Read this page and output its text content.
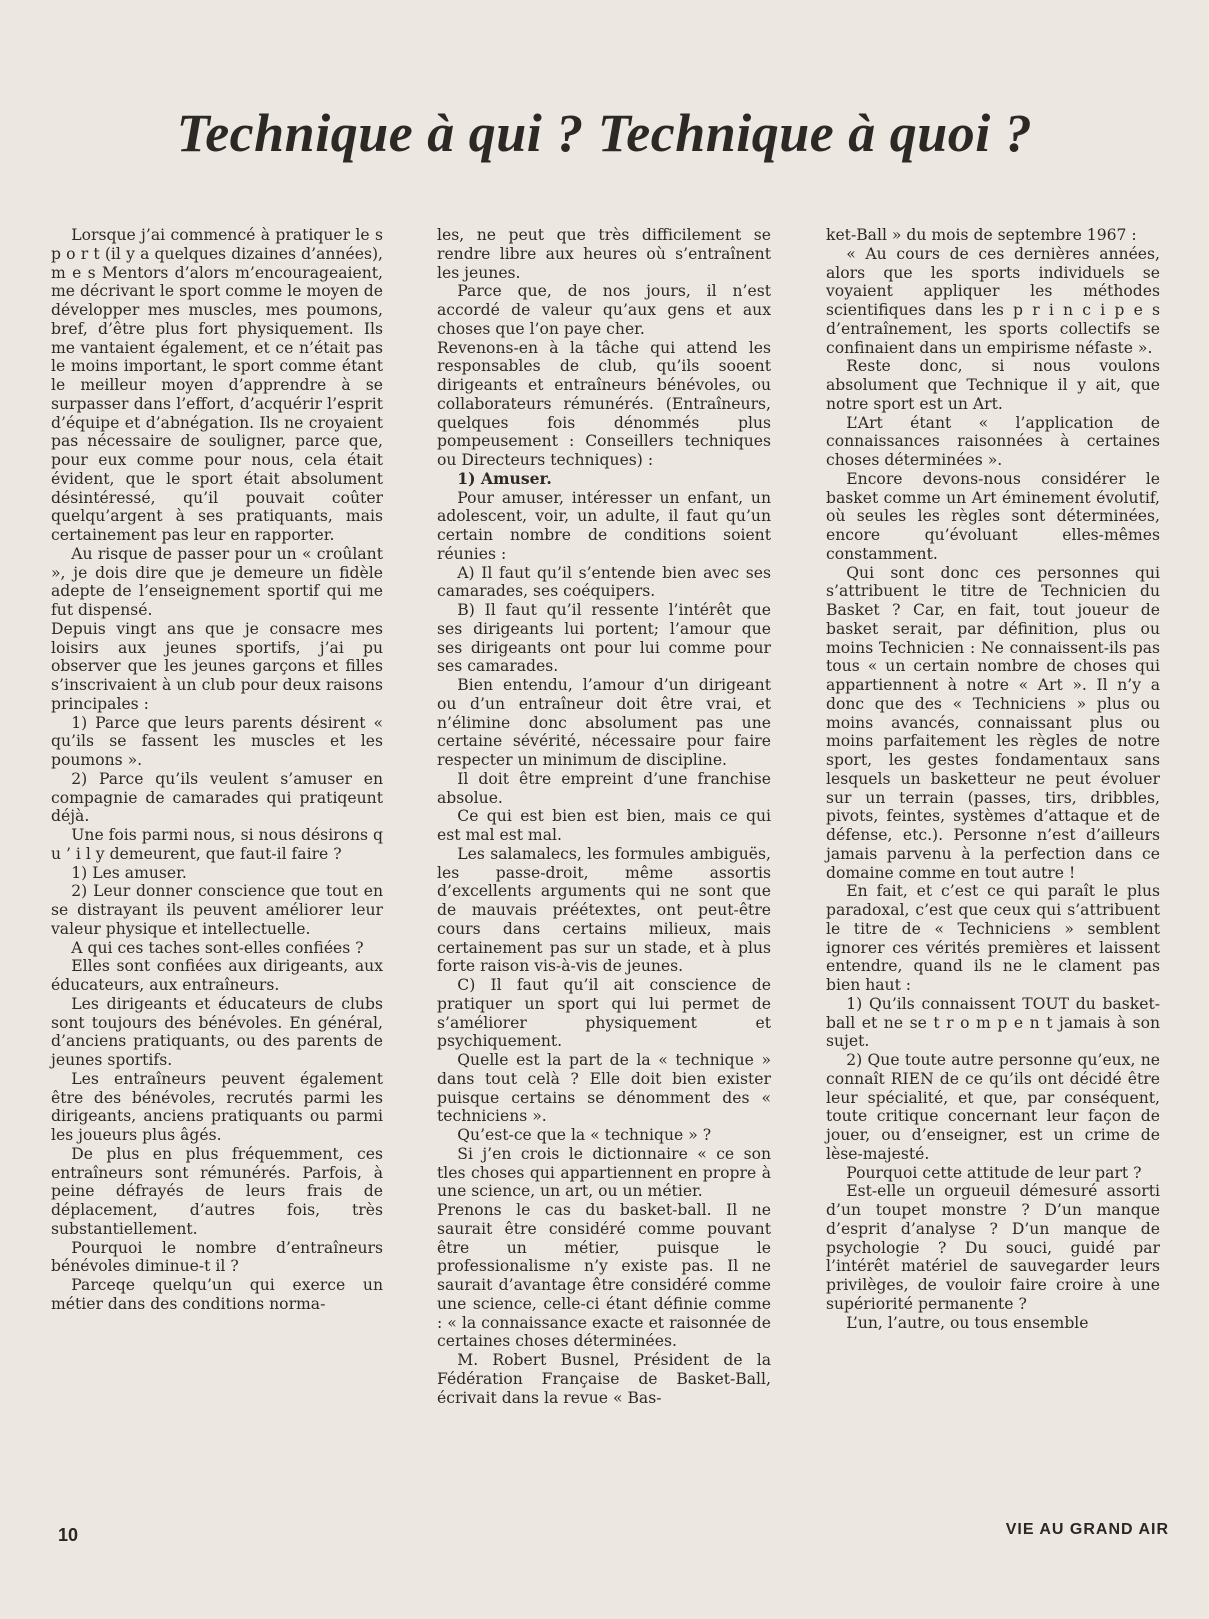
Technique à qui ? Technique à quoi ?

Lorsque j’ai commencé à pratiquer le s p o r t (il y a quelques dizaines d’années), m e s Mentors d’alors m’encourageaient, me décrivant le sport comme le moyen de développer mes muscles, mes poumons, bref, d’être plus fort physiquement. Ils me vantaient également, et ce n’était pas le moins important, le sport comme étant le meilleur moyen d’apprendre à se surpasser dans l’effort, d’acquérir l’esprit d’équipe et d’abnégation. Ils ne croyaient pas nécessaire de souligner, parce que, pour eux comme pour nous, cela était évident, que le sport était absolument désintéressé, qu’il pouvait coûter quelqu’argent à ses pratiquants, mais certainement pas leur en rapporter.

Au risque de passer pour un « croûlant », je dois dire que je demeure un fidèle adepte de l’enseignement sportif qui me fut dispensé.

Depuis vingt ans que je consacre mes loisirs aux jeunes sportifs, j’ai pu observer que les jeunes garçons et filles s’inscrivaient à un club pour deux raisons principales :

1) Parce que leurs parents désirent « qu’ils se fassent les muscles et les poumons ».

2) Parce qu’ils veulent s’amuser en compagnie de camarades qui pratiqeunt déjà.

Une fois parmi nous, si nous désirons q u ’ i l y demeurent, que faut-il faire ?

1) Les amuser.

2) Leur donner conscience que tout en se distrayant ils peuvent améliorer leur valeur physique et intellectuelle.

A qui ces taches sont-elles confiées ?

Elles sont confiées aux dirigeants, aux éducateurs, aux entraîneurs.

Les dirigeants et éducateurs de clubs sont toujours des bénévoles. En général, d’anciens pratiquants, ou des parents de jeunes sportifs.

Les entraîneurs peuvent également être des bénévoles, recrutés parmi les dirigeants, anciens pratiquants ou parmi les joueurs plus âgés.

De plus en plus fréquemment, ces entraîneurs sont rémunérés. Parfois, à peine défrayés de leurs frais de déplacement, d’autres fois, très substantiellement.

Pourquoi le nombre d’entraîneurs bénévoles diminue-t il ?

Parceqe quelqu’un qui exerce un métier dans des conditions norma-

les, ne peut que très difficilement se rendre libre aux heures où s’entraînent les jeunes.

Parce que, de nos jours, il n’est accordé de valeur qu’aux gens et aux choses que l’on paye cher.

Revenons-en à la tâche qui attend les responsables de club, qu’ils sooent dirigeants et entraîneurs bénévoles, ou collaborateurs rémunérés. (Entraîneurs, quelques fois dénommés plus pompeusement : Conseillers techniques ou Directeurs techniques) :

1) Amuser.

Pour amuser, intéresser un enfant, un adolescent, voir, un adulte, il faut qu’un certain nombre de conditions soient réunies :

A) Il faut qu’il s’entende bien avec ses camarades, ses coéquipers.

B) Il faut qu’il ressente l’intérêt que ses dirigeants lui portent; l’amour que ses dirigeants ont pour lui comme pour ses camarades.

Bien entendu, l’amour d’un dirigeant ou d’un entraîneur doit être vrai, et n’élimine donc absolument pas une certaine sévérité, nécessaire pour faire respecter un minimum de discipline.

Il doit être empreint d’une franchise absolue.

Ce qui est bien est bien, mais ce qui est mal est mal.

Les salamalecs, les formules ambiguës, les passe-droit, même assortis d’excellents arguments qui ne sont que de mauvais préétextes, ont peut-être cours dans certains milieux, mais certainement pas sur un stade, et à plus forte raison vis-à-vis de jeunes.

C) Il faut qu’il ait conscience de pratiquer un sport qui lui permet de s’améliorer physiquement et psychiquement.

Quelle est la part de la « technique » dans tout celà ? Elle doit bien exister puisque certains se dénomment des « techniciens ».

Qu’est-ce que la « technique » ?

Si j’en crois le dictionnaire « ce son tles choses qui appartiennent en propre à une science, un art, ou un métier.

Prenons le cas du basket-ball. Il ne saurait être considéré comme pouvant être un métier, puisque le professionalisme n’y existe pas. Il ne saurait d’avantage être considéré comme une science, celle-ci étant définie comme : « la connaissance exacte et raisonnée de certaines choses déterminées.

M. Robert Busnel, Président de la Fédération Française de Basket-Ball, écrivait dans la revue « Bas-

ket-Ball » du mois de septembre 1967 :

« Au cours de ces dernières années, alors que les sports individuels se voyaient appliquer les méthodes scientifiques dans les p r i n c i p e s d’entraînement, les sports collectifs se confinaient dans un empirisme néfaste ».

Reste donc, si nous voulons absolument que Technique il y ait, que notre sport est un Art.

L’Art étant « l’application de connaissances raisonnées à certaines choses déterminées ».

Encore devons-nous considérer le basket comme un Art éminement évolutif, où seules les règles sont déterminées, encore qu’évoluant elles-mêmes constamment.

Qui sont donc ces personnes qui s’attribuent le titre de Technicien du Basket ? Car, en fait, tout joueur de basket serait, par définition, plus ou moins Technicien : Ne connaissent-ils pas tous « un certain nombre de choses qui appartiennent à notre « Art ». Il n’y a donc que des « Techniciens » plus ou moins avancés, connaissant plus ou moins parfaitement les règles de notre sport, les gestes fondamentaux sans lesquels un basketteur ne peut évoluer sur un terrain (passes, tirs, dribbles, pivots, feintes, systèmes d’attaque et de défense, etc.). Personne n’est d’ailleurs jamais parvenu à la perfection dans ce domaine comme en tout autre !

En fait, et c’est ce qui paraît le plus paradoxal, c’est que ceux qui s’attribuent le titre de « Techniciens » semblent ignorer ces vérités premières et laissent entendre, quand ils ne le clament pas bien haut :

1) Qu’ils connaissent TOUT du basket-ball et ne se t r o m p e n t jamais à son sujet.

2) Que toute autre personne qu’eux, ne connaît RIEN de ce qu’ils ont décidé être leur spécialité, et que, par conséquent, toute critique concernant leur façon de jouer, ou d’enseigner, est un crime de lèse-majesté.

Pourquoi cette attitude de leur part ?

Est-elle un orgueuil démesuré assorti d’un toupet monstre ? D’un manque d’esprit d’analyse ? D’un manque de psychologie ? Du souci, guidé par l’intérêt matériel de sauvegarder leurs privilèges, de vouloir faire croire à une supériorité permanente ?

L’un, l’autre, ou tous ensemble

10	VIE AU GRAND AIR
